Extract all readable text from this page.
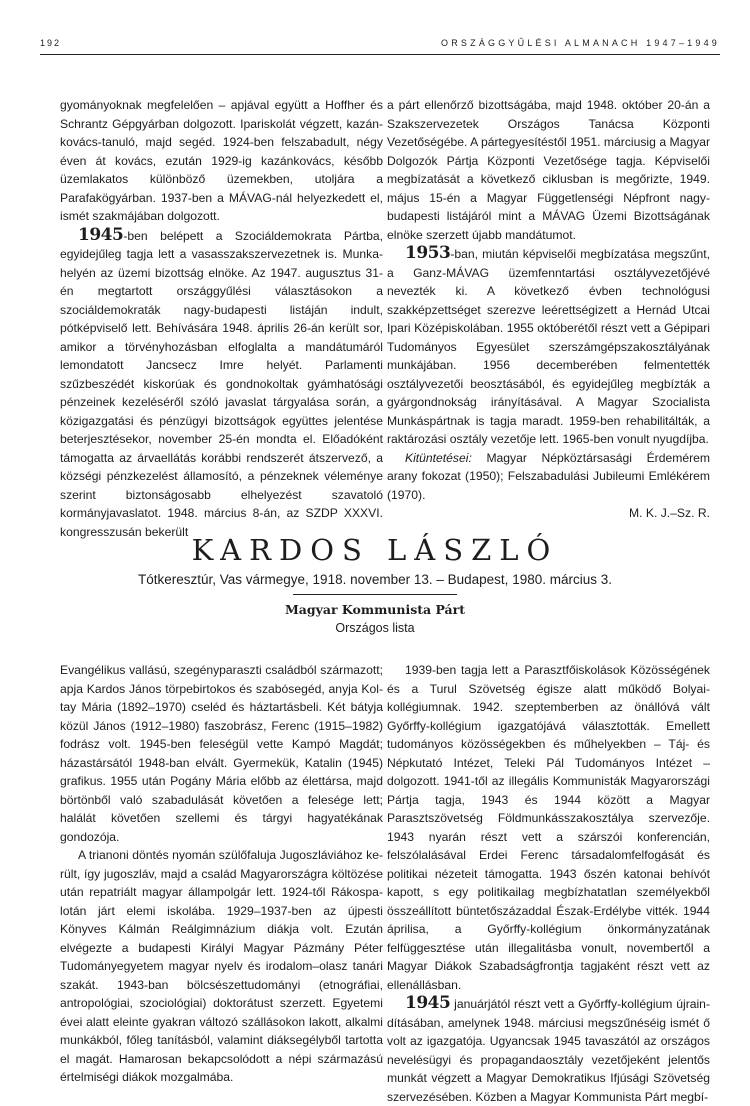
192	ORSZÁGGYŰLÉSI ALMANACH 1947–1949

gyományoknak megfelelően – apjával együtt a Hoffher és Schrantz Gépgyárban dolgozott. Ipariskolát végzett, kazánkovács-tanuló, majd segéd. 1924-ben felszabadult, négy éven át kovács, ezután 1929-ig kazánkovács, később üzemlakatos különböző üzemekben, utoljára a Parafakögyárban. 1937-ben a MÁVAG-nál helyezkedett el, ismét szakmájában dolgozott.

1945-ben belépett a Szociáldemokrata Pártba, egyidejűleg tagja lett a vasasszakszervezetnek is. Munka-helyén az üzemi bizottság elnöke. Az 1947. augusztus 31-én megtartott országgyűlési választásokon a szociáldemokraták nagy-budapesti listáján indult, pótképviselő lett. Behívására 1948. április 26-án került sor, amikor a törvényhozásban elfoglalta a mandátumáról lemondatott Jancsecz Imre helyét. Parlamenti szűzbeszédét kiskorúak és gondnokoltak gyámhatósági pénzeinek kezeléséről szóló javaslat tárgyalása során, a közigazgatási és pénzügyi bizottságok együttes jelentése beterjesztésekor, november 25-én mondta el. Előadóként támogatta az árvaellátás korábbi rendszerét átszervező, a községi pénzkezelést államosító, a pénzeknek véleménye szerint biztonságosabb elhelyezést szavatoló kormányjavaslatot. 1948. március 8-án, az SZDP XXXVI. kongresszusán bekerült

a párt ellenőrző bizottságába, majd 1948. október 20-án a Szakszervezetek Országos Tanácsa Központi Vezetőségébe. A pártegyesítéstől 1951. márciusig a Magyar Dolgozók Pártja Központi Vezetősége tagja. Képviselői megbízatását a következő ciklusban is megőrizte, 1949. május 15-én a Magyar Függetlenségi Népfront nagy-budapesti listájáról mint a MÁVAG Üzemi Bizottságának elnöke szerzett újabb mandátumot.

1953-ban, miután képviselői megbízatása megszűnt, a Ganz-MÁVAG üzemfenntartási osztályvezetőjévé nevezték ki. A következő évben technológusi szakképzettséget szerezve leérettségizett a Hernád Utcai Ipari Középiskolában. 1955 októberétől részt vett a Gépipari Tudományos Egyesület szerszámgépszakosztályának munkájában. 1956 decemberében felmentették osztályvezetői beosztásából, és egyidejűleg megbízták a gyárgondnokság irányításával. A Magyar Szocialista Munkáspártnak is tagja maradt. 1959-ben rehabilitálták, a raktározási osztály vezetője lett. 1965-ben vonult nyugdíjba.

Kitüntetései: Magyar Népköztársasági Érdemérem arany fokozat (1950); Felszabadulási Jubileumi Emlékérem (1970).

M. K. J.–Sz. R.

KARDOS LÁSZLÓ
Tótkeresztúr, Vas vármegye, 1918. november 13. – Budapest, 1980. március 3.
Magyar Kommunista Párt
Országos lista

Evangélikus vallású, szegényparaszti családból származott; apja Kardos János törpebirtokos és szabósegéd, anyja Koltay Mária (1892–1970) cseléd és háztartásbeli. Két bátyja közül János (1912–1980) faszobrász, Ferenc (1915–1982) fodrász volt. 1945-ben feleségül vette Kampó Magdát; házastársától 1948-ban elvált. Gyermekük, Katalin (1945) grafikus. 1955 után Pogány Mária előbb az élettársa, majd börtönből való szabadulását követően a felesége lett; halálát követően szellemi és tárgyi hagyatékának gondozója.

A trianoni döntés nyomán szülőfaluja Jugoszláviához került, így jugoszláv, majd a család Magyarországra költözése után repatriált magyar állampolgár lett. 1924-től Rákospalotán járt elemi iskolába. 1929–1937-ben az újpesti Könyves Kálmán Reálgimnázium diákja volt. Ezután elvégezte a budapesti Királyi Magyar Pázmány Péter Tudományegyetem magyar nyelv és irodalom–olasz tanári szakát. 1943-ban bölcsészettudományi (etnográfiai, antropológiai, szociológiai) doktorátust szerzett. Egyetemi évei alatt eleinte gyakran változó szállásokon lakott, alkalmi munkákból, főleg tanításból, valamint diáksegélyből tartotta el magát. Hamarosan bekapcsolódott a népi származású értelmiségi diákok mozgalmába.

1939-ben tagja lett a Parasztfőiskolások Közösségének és a Turul Szövetség égisze alatt működő Bolyai-kollégiumnak. 1942. szeptemberben az önállóvá vált Győrffy-kollégium igazgatójává választották. Emellett tudományos közösségekben és műhelyekben – Táj- és Népkutató Intézet, Teleki Pál Tudományos Intézet – dolgozott. 1941-től az illegális Kommunisták Magyarországi Pártja tagja, 1943 és 1944 között a Magyar Parasztszövetség Földmunkásszakosztálya szervezője. 1943 nyarán részt vett a szárszói konferencián, felszólalásával Erdei Ferenc társadalomfelfogását és politikai nézeteit támogatta. 1943 őszén katonai behívót kapott, s egy politikailag megbízhatatlan személyekből összeállított büntetőszázaddal Észak-Erdélybe vitték. 1944 áprilisa, a Győrffy-kollégium önkormányzatának felfüggesztése után illegalitásba vonult, novembertől a Magyar Diákok Szabadságfrontja tagjaként részt vett az ellenállásban.

1945 januárjától részt vett a Győrffy-kollégium újraindításában, amelynek 1948. márciusi megszűnéséig ismét ő volt az igazgatója. Ugyancsak 1945 tavaszától az országos nevelésügyi és propagandaosztály vezetőjeként jelentős munkát végzett a Magyar Demokratikus Ifjúsági Szövetség szervezésében. Közben a Magyar Kommunista Párt megbí-
